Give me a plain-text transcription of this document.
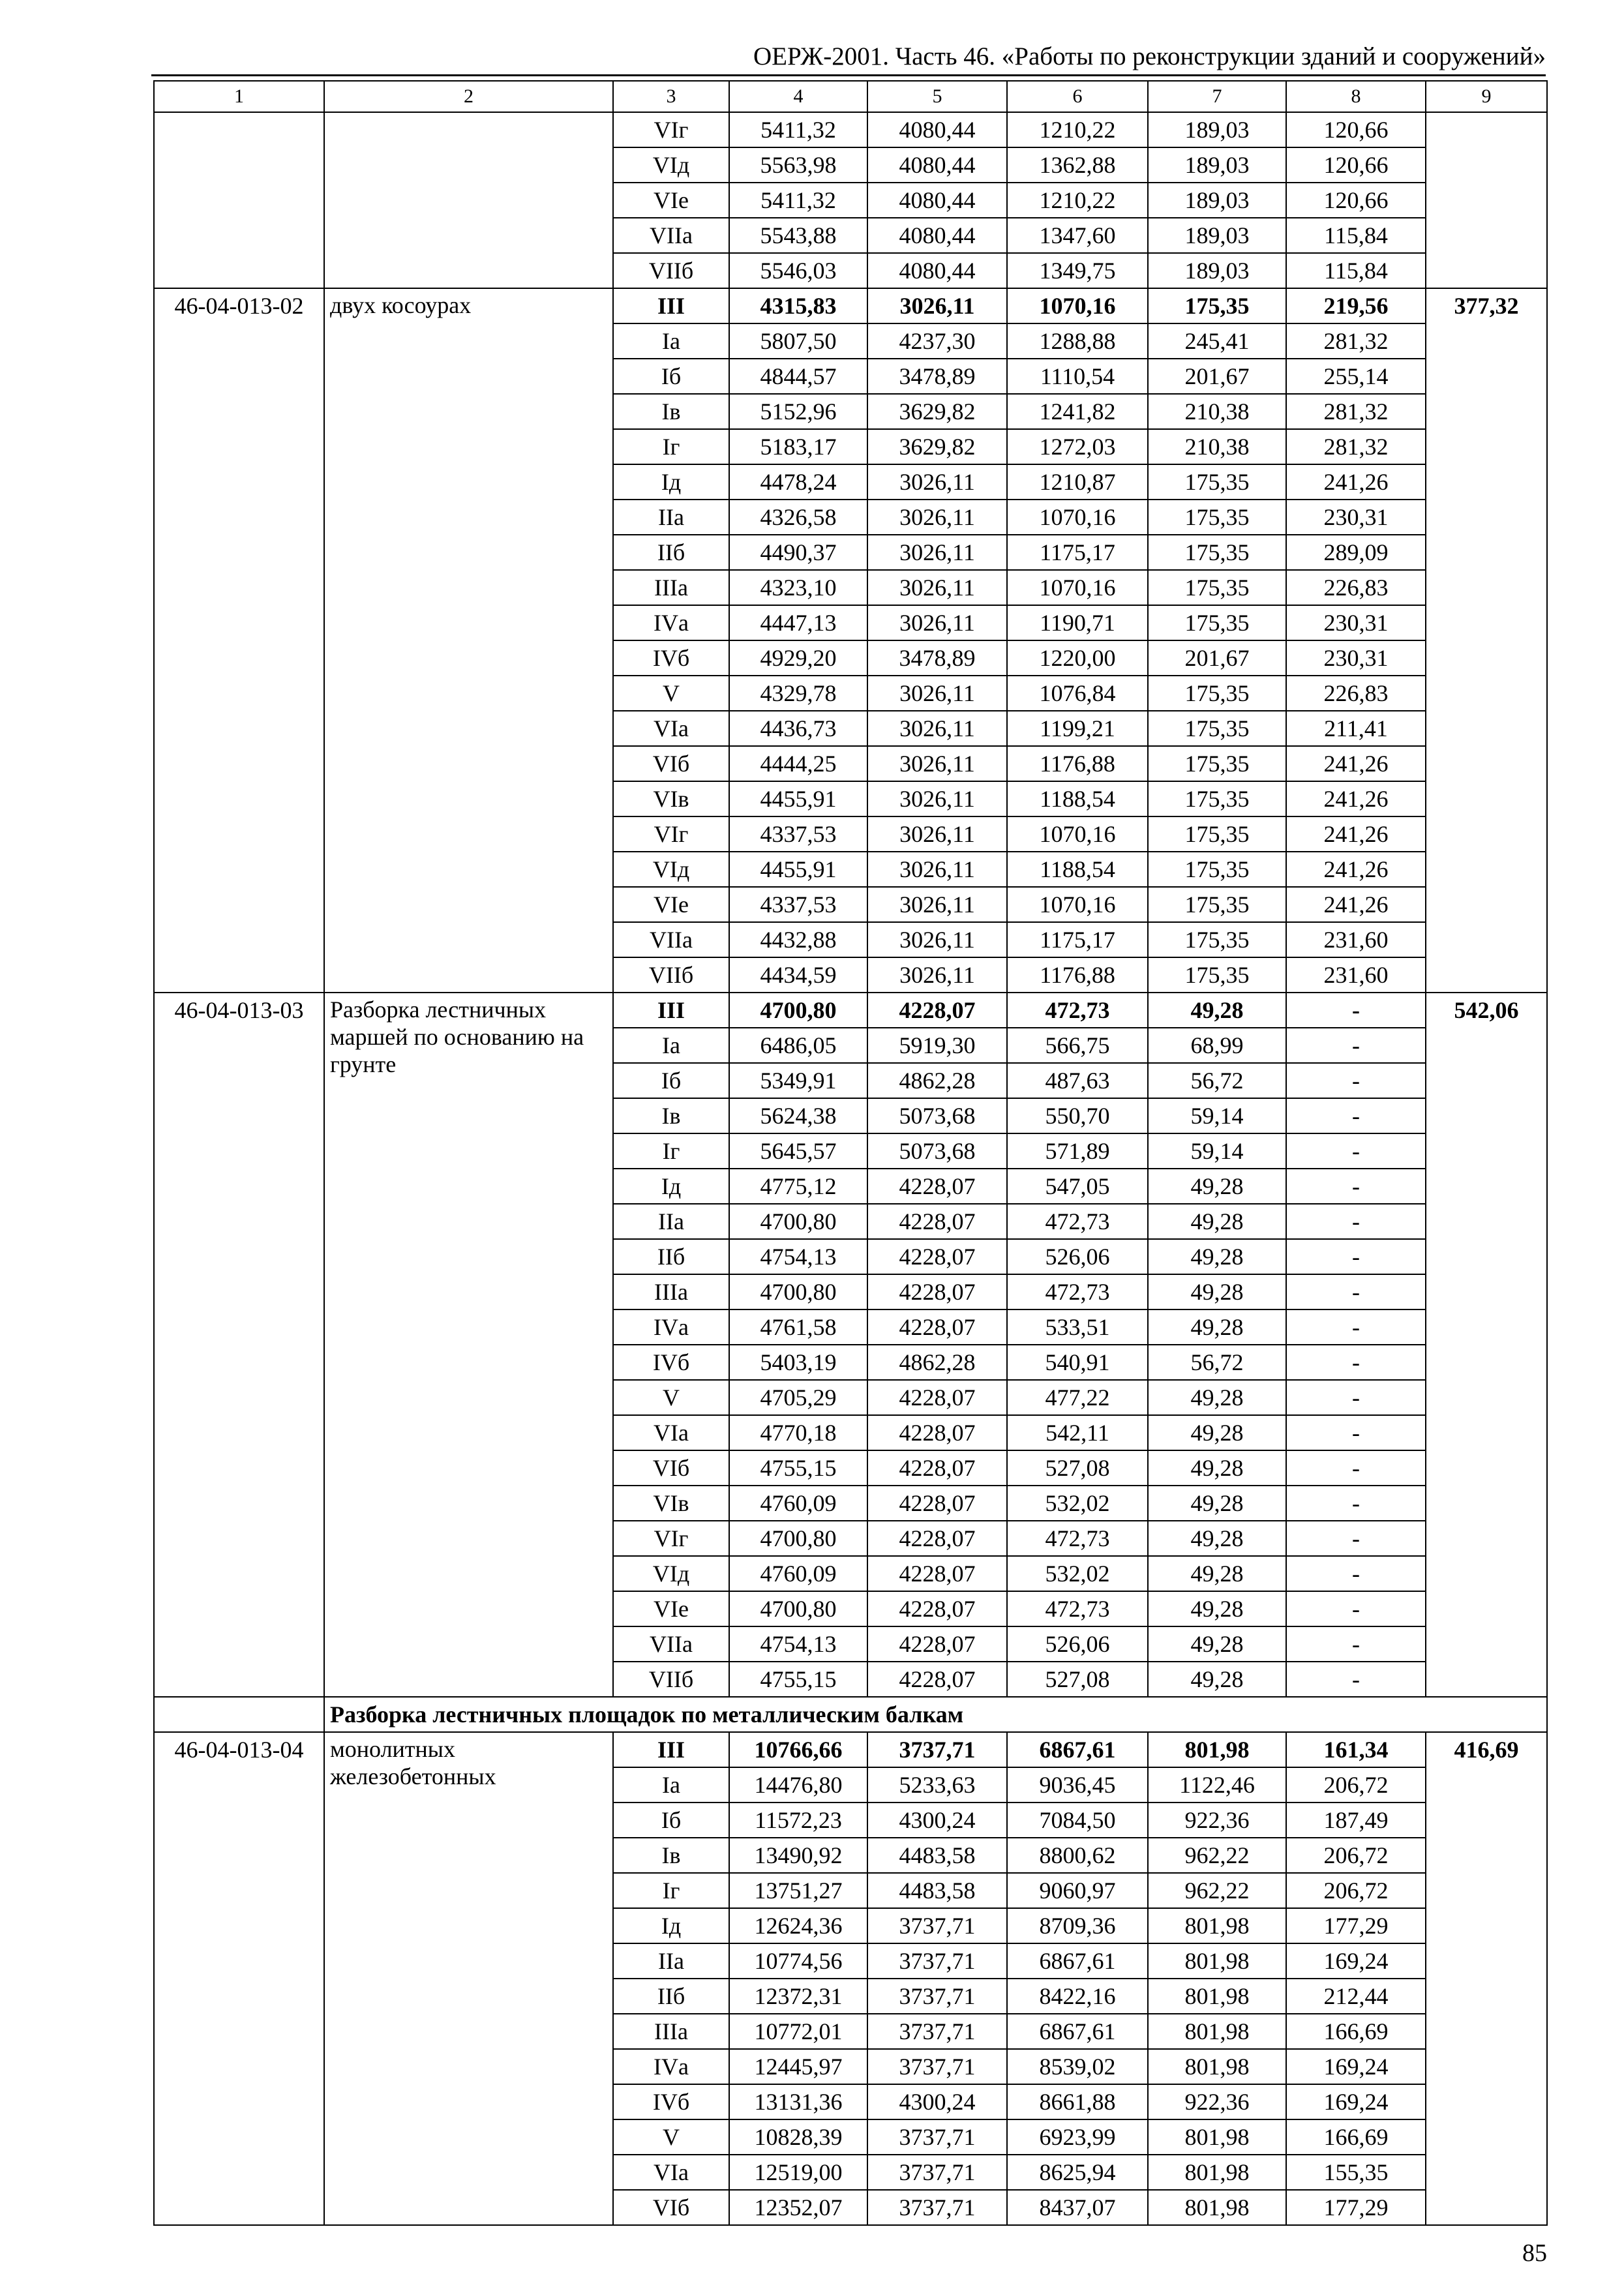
ОЕРЖ-2001. Часть 46. «Работы по реконструкции зданий и сооружений»
1	2	3	4	5	6	7	8	9
		VIг	5411,32	4080,44	1210,22	189,03	120,66	
		VIд	5563,98	4080,44	1362,88	189,03	120,66	
		VIе	5411,32	4080,44	1210,22	189,03	120,66	
		VIIа	5543,88	4080,44	1347,60	189,03	115,84	
		VIIб	5546,03	4080,44	1349,75	189,03	115,84	
46-04-013-02	двух косоурах	III	4315,83	3026,11	1070,16	175,35	219,56	377,32
		Iа	5807,50	4237,30	1288,88	245,41	281,32	
		Iб	4844,57	3478,89	1110,54	201,67	255,14	
		Iв	5152,96	3629,82	1241,82	210,38	281,32	
		Iг	5183,17	3629,82	1272,03	210,38	281,32	
		Iд	4478,24	3026,11	1210,87	175,35	241,26	
		IIа	4326,58	3026,11	1070,16	175,35	230,31	
		IIб	4490,37	3026,11	1175,17	175,35	289,09	
		IIIа	4323,10	3026,11	1070,16	175,35	226,83	
		IVа	4447,13	3026,11	1190,71	175,35	230,31	
		IVб	4929,20	3478,89	1220,00	201,67	230,31	
		V	4329,78	3026,11	1076,84	175,35	226,83	
		VIа	4436,73	3026,11	1199,21	175,35	211,41	
		VIб	4444,25	3026,11	1176,88	175,35	241,26	
		VIв	4455,91	3026,11	1188,54	175,35	241,26	
		VIг	4337,53	3026,11	1070,16	175,35	241,26	
		VIд	4455,91	3026,11	1188,54	175,35	241,26	
		VIе	4337,53	3026,11	1070,16	175,35	241,26	
		VIIа	4432,88	3026,11	1175,17	175,35	231,60	
		VIIб	4434,59	3026,11	1176,88	175,35	231,60	
46-04-013-03	Разборка лестничных маршей по основанию на грунте	III	4700,80	4228,07	472,73	49,28	-	542,06
		Iа	6486,05	5919,30	566,75	68,99	-	
		Iб	5349,91	4862,28	487,63	56,72	-	
		Iв	5624,38	5073,68	550,70	59,14	-	
		Iг	5645,57	5073,68	571,89	59,14	-	
		Iд	4775,12	4228,07	547,05	49,28	-	
		IIа	4700,80	4228,07	472,73	49,28	-	
		IIб	4754,13	4228,07	526,06	49,28	-	
		IIIа	4700,80	4228,07	472,73	49,28	-	
		IVа	4761,58	4228,07	533,51	49,28	-	
		IVб	5403,19	4862,28	540,91	56,72	-	
		V	4705,29	4228,07	477,22	49,28	-	
		VIа	4770,18	4228,07	542,11	49,28	-	
		VIб	4755,15	4228,07	527,08	49,28	-	
		VIв	4760,09	4228,07	532,02	49,28	-	
		VIг	4700,80	4228,07	472,73	49,28	-	
		VIд	4760,09	4228,07	532,02	49,28	-	
		VIе	4700,80	4228,07	472,73	49,28	-	
		VIIа	4754,13	4228,07	526,06	49,28	-	
		VIIб	4755,15	4228,07	527,08	49,28	-	
	Разборка лестничных площадок по металлическим балкам							
46-04-013-04	монолитных железобетонных	III	10766,66	3737,71	6867,61	801,98	161,34	416,69
		Iа	14476,80	5233,63	9036,45	1122,46	206,72	
		Iб	11572,23	4300,24	7084,50	922,36	187,49	
		Iв	13490,92	4483,58	8800,62	962,22	206,72	
		Iг	13751,27	4483,58	9060,97	962,22	206,72	
		Iд	12624,36	3737,71	8709,36	801,98	177,29	
		IIа	10774,56	3737,71	6867,61	801,98	169,24	
		IIб	12372,31	3737,71	8422,16	801,98	212,44	
		IIIа	10772,01	3737,71	6867,61	801,98	166,69	
		IVа	12445,97	3737,71	8539,02	801,98	169,24	
		IVб	13131,36	4300,24	8661,88	922,36	169,24	
		V	10828,39	3737,71	6923,99	801,98	166,69	
		VIа	12519,00	3737,71	8625,94	801,98	155,35	
		VIб	12352,07	3737,71	8437,07	801,98	177,29	
85
